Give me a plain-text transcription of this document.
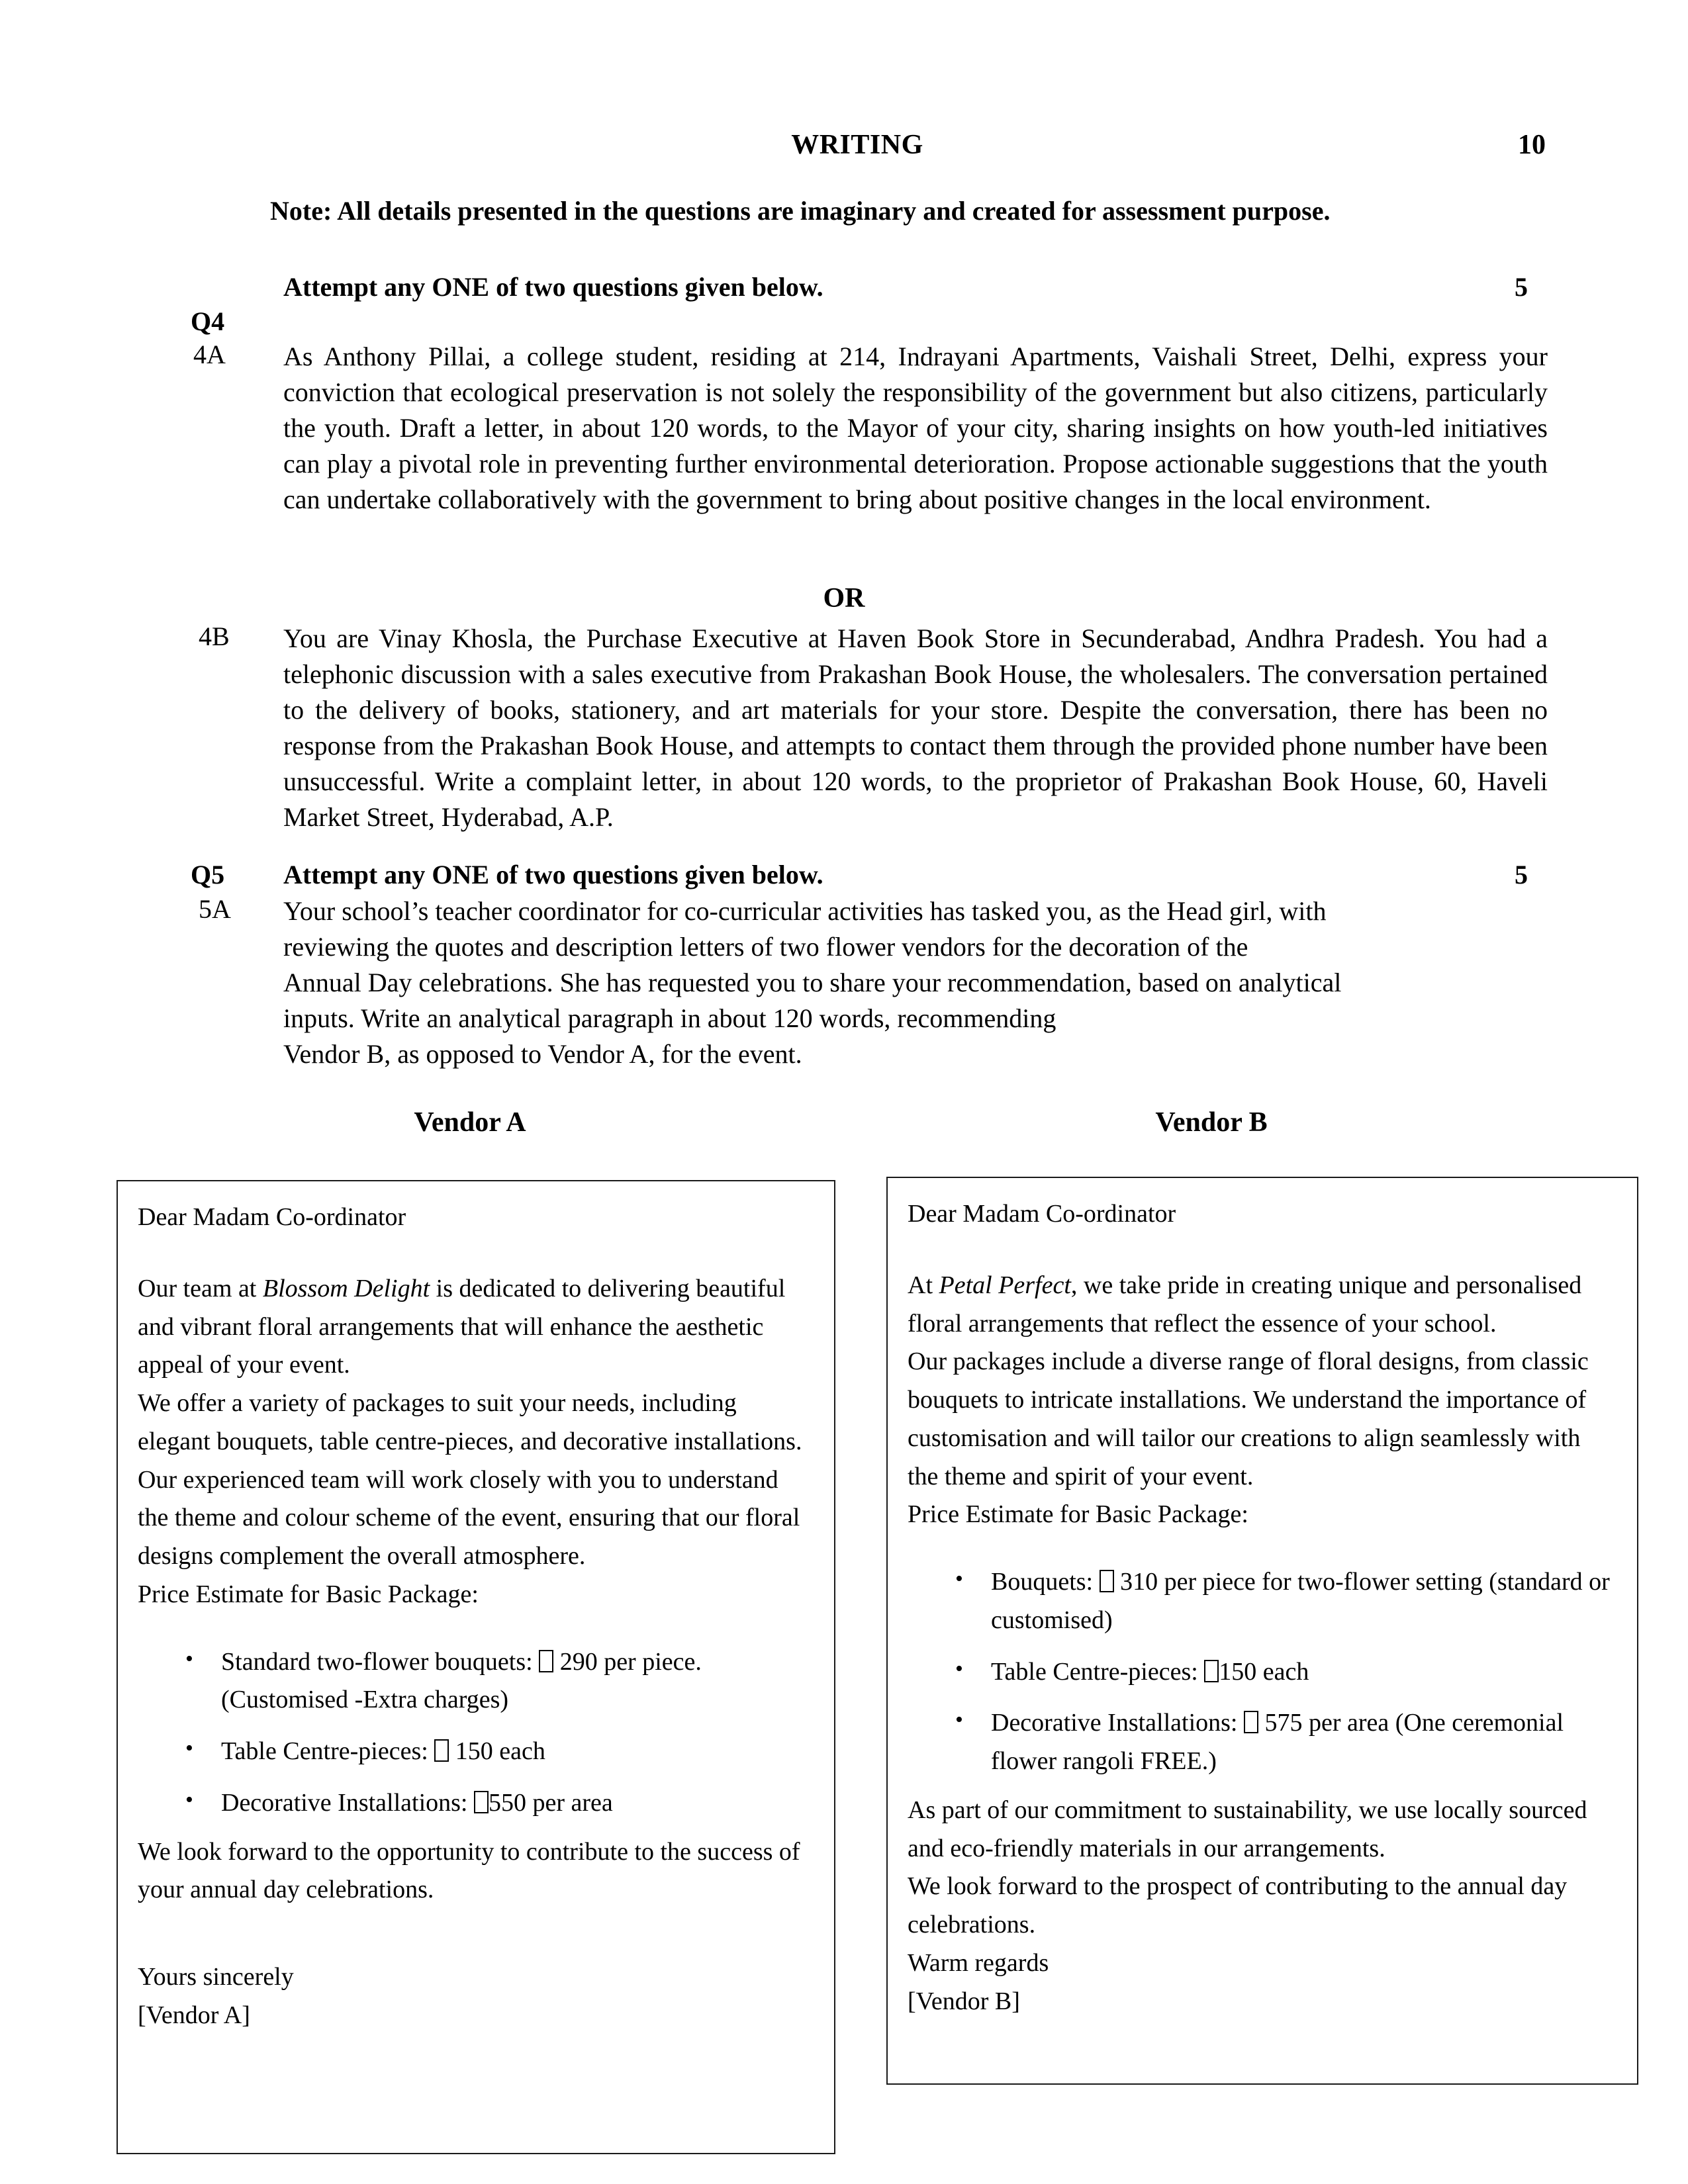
WRITING	10
Note: All details presented in the questions are imaginary and created for assessment purpose.
Attempt any ONE of two questions given below.	5
Q4
4A As Anthony Pillai, a college student, residing at 214, Indrayani Apartments, Vaishali Street, Delhi, express your conviction that ecological preservation is not solely the responsibility of the government but also citizens, particularly the youth. Draft a letter, in about 120 words, to the Mayor of your city, sharing insights on how youth-led initiatives can play a pivotal role in preventing further environmental deterioration. Propose actionable suggestions that the youth can undertake collaboratively with the government to bring about positive changes in the local environment.
OR
4B You are Vinay Khosla, the Purchase Executive at Haven Book Store in Secunderabad, Andhra Pradesh. You had a telephonic discussion with a sales executive from Prakashan Book House, the wholesalers. The conversation pertained to the delivery of books, stationery, and art materials for your store. Despite the conversation, there has been no response from the Prakashan Book House, and attempts to contact them through the provided phone number have been unsuccessful. Write a complaint letter, in about 120 words, to the proprietor of Prakashan Book House, 60, Haveli Market Street, Hyderabad, A.P.
Q5 Attempt any ONE of two questions given below.	5
5A Your school’s teacher coordinator for co-curricular activities has tasked you, as the Head girl, with

reviewing the quotes and description letters of two flower vendors for the decoration of the

Annual Day celebrations. She has requested you to share your recommendation, based on analytical

inputs. Write an analytical paragraph in about 120 words, recommending

Vendor B, as opposed to Vendor A, for the event.

Vendor A	Vendor B

Dear Madam Co-ordinator

Our team at Blossom Delight is dedicated to delivering beautiful and vibrant floral arrangements that will enhance the aesthetic appeal of your event.

We offer a variety of packages to suit your needs, including elegant bouquets, table centre-pieces, and decorative installations. Our experienced team will work closely with you to understand the theme and colour scheme of the event, ensuring that our floral designs complement the overall atmosphere.

Price Estimate for Basic Package:

• Standard two-flower bouquets:  290 per piece. (Customised -Extra charges)
• Table Centre-pieces:  150 each
• Decorative Installations: 550 per area

We look forward to the opportunity to contribute to the success of your annual day celebrations.

Yours sincerely

[Vendor A]

Dear Madam Co-ordinator

At Petal Perfect, we take pride in creating unique and personalised floral arrangements that reflect the essence of your school.

Our packages include a diverse range of floral designs, from classic bouquets to intricate installations. We understand the importance of customisation and will tailor our creations to align seamlessly with the theme and spirit of your event.

Price Estimate for Basic Package:

• Bouquets:  310 per piece for two-flower setting (standard or customised)
• Table Centre-pieces: 150 each
• Decorative Installations:  575 per area (One ceremonial flower rangoli FREE.)

As part of our commitment to sustainability, we use locally sourced and eco-friendly materials in our arrangements.

We look forward to the prospect of contributing to the annual day celebrations.

Warm regards

[Vendor B]
